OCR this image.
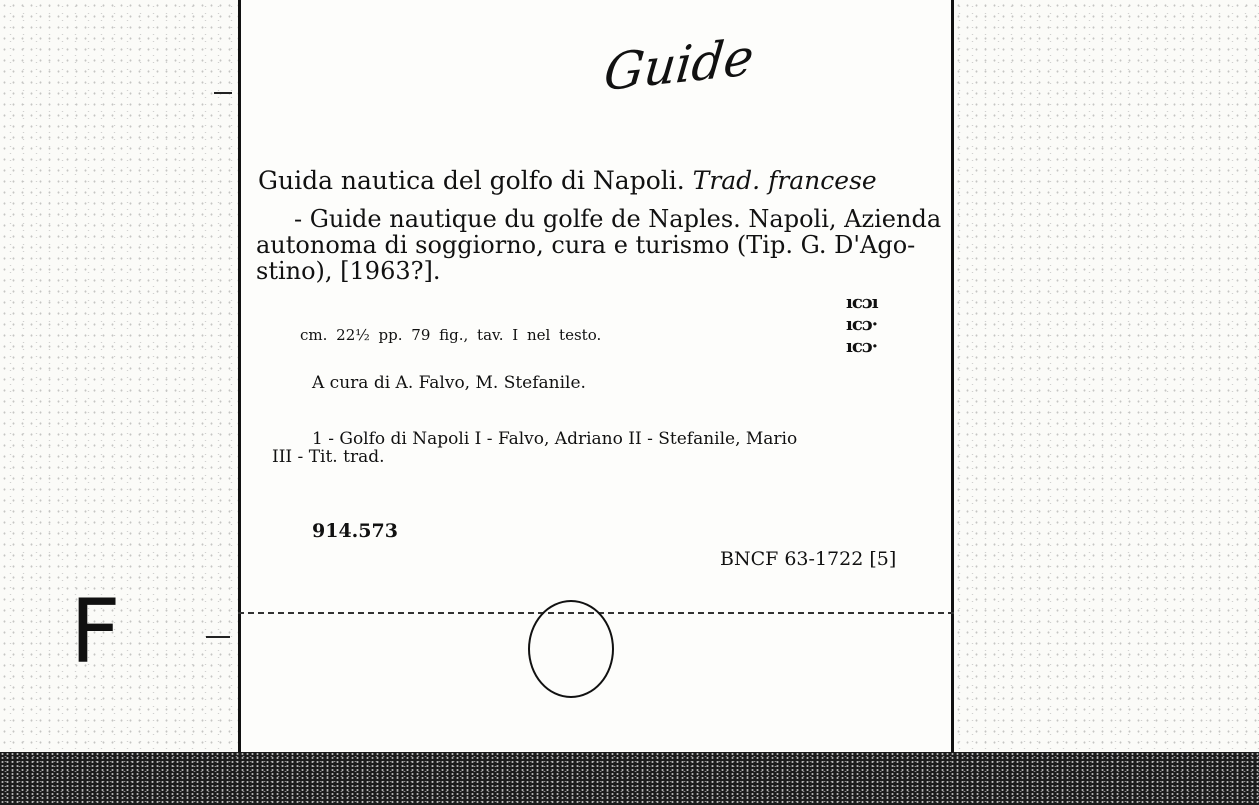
Guide
Guida nautica del golfo di Napoli. Trad. francese
- Guide nautique du golfe de Naples. Napoli, Azienda
autonoma di soggiorno, cura e turismo (Tip. G. D'Ago-
stino), [1963?].
cm. 22½ pp. 79 fig., tav. I nel testo.
ıcɔı
ıcɔ·
ıcɔ·
A cura di A. Falvo, M. Stefanile.
1 - Golfo di Napoli I - Falvo, Adriano II - Stefanile, Mario
III - Tit. trad.
914.573
BNCF 63-1722 [5]
F
